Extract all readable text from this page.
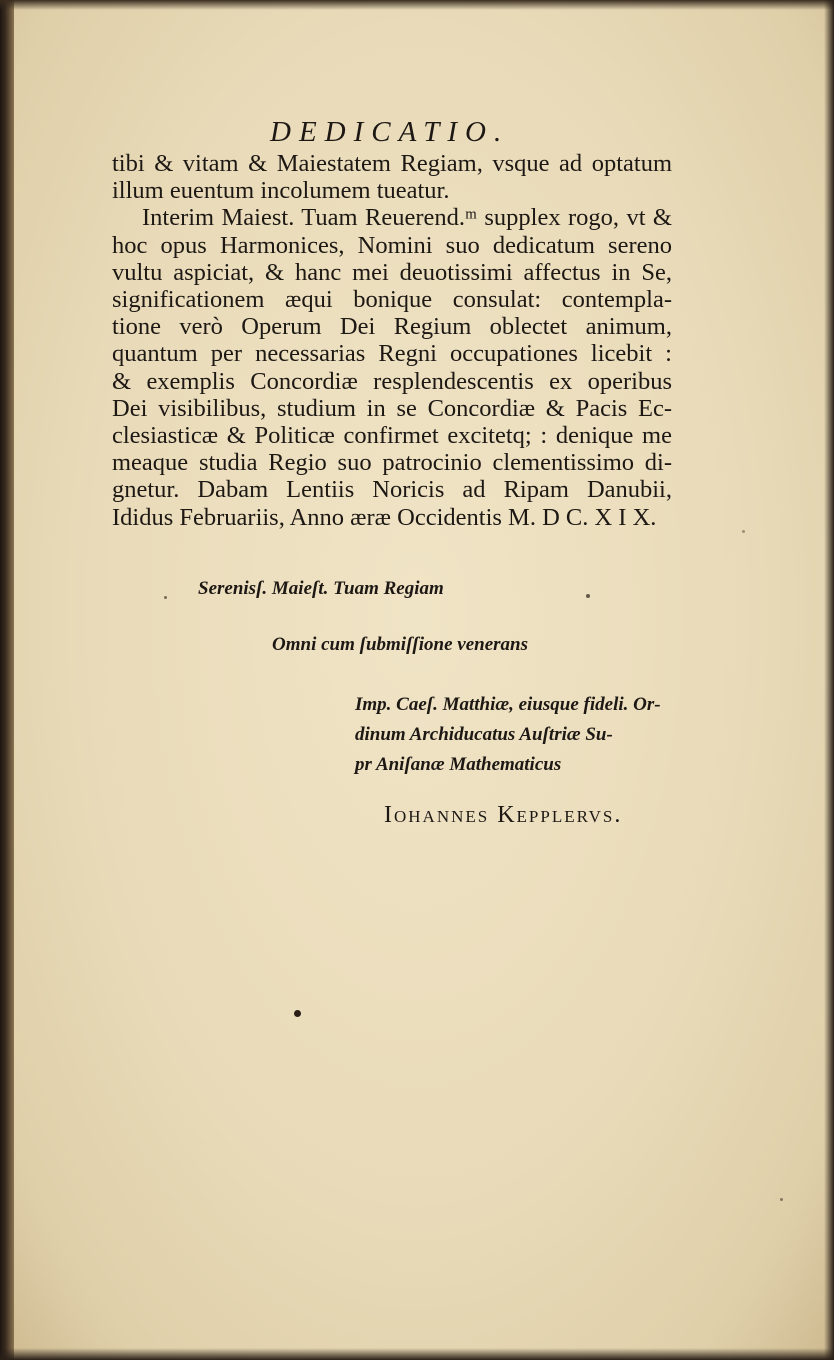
DEDICATIO.
tibi & vitam & Maiestatem Regiam, vsque ad optatum
illum euentum incolumem tueatur.
Interim Maiest. Tuam Reuerend.ᵐ supplex rogo, vt &
hoc opus Harmonices, Nomini suo dedicatum sereno
vultu aspiciat, & hanc mei deuotissimi affectus in Se,
significationem æqui bonique consulat: contempla-
tione verò Operum Dei Regium oblectet animum,
quantum per necessarias Regni occupationes licebit :
& exemplis Concordiæ resplendescentis ex operibus
Dei visibilibus, studium in se Concordiæ & Pacis Ec-
clesiasticæ & Politicæ confirmet excitetq; : denique me
meaque studia Regio suo patrocinio clementissimo di-
gnetur. Dabam Lentiis Noricis ad Ripam Danubii,
Ididus Februariis, Anno æræ Occidentis M. D C. X I X.

Serenisſ. Maieſt. Tuam Regiam

Omni cum ſubmiſſione venerans

Imp. Caeſ. Matthiæ, eiusque fideli. Or-
dinum Archiducatus Auſtriæ Su-
pr Aniſanæ Mathematicus

Iohannes Kepplervs.
